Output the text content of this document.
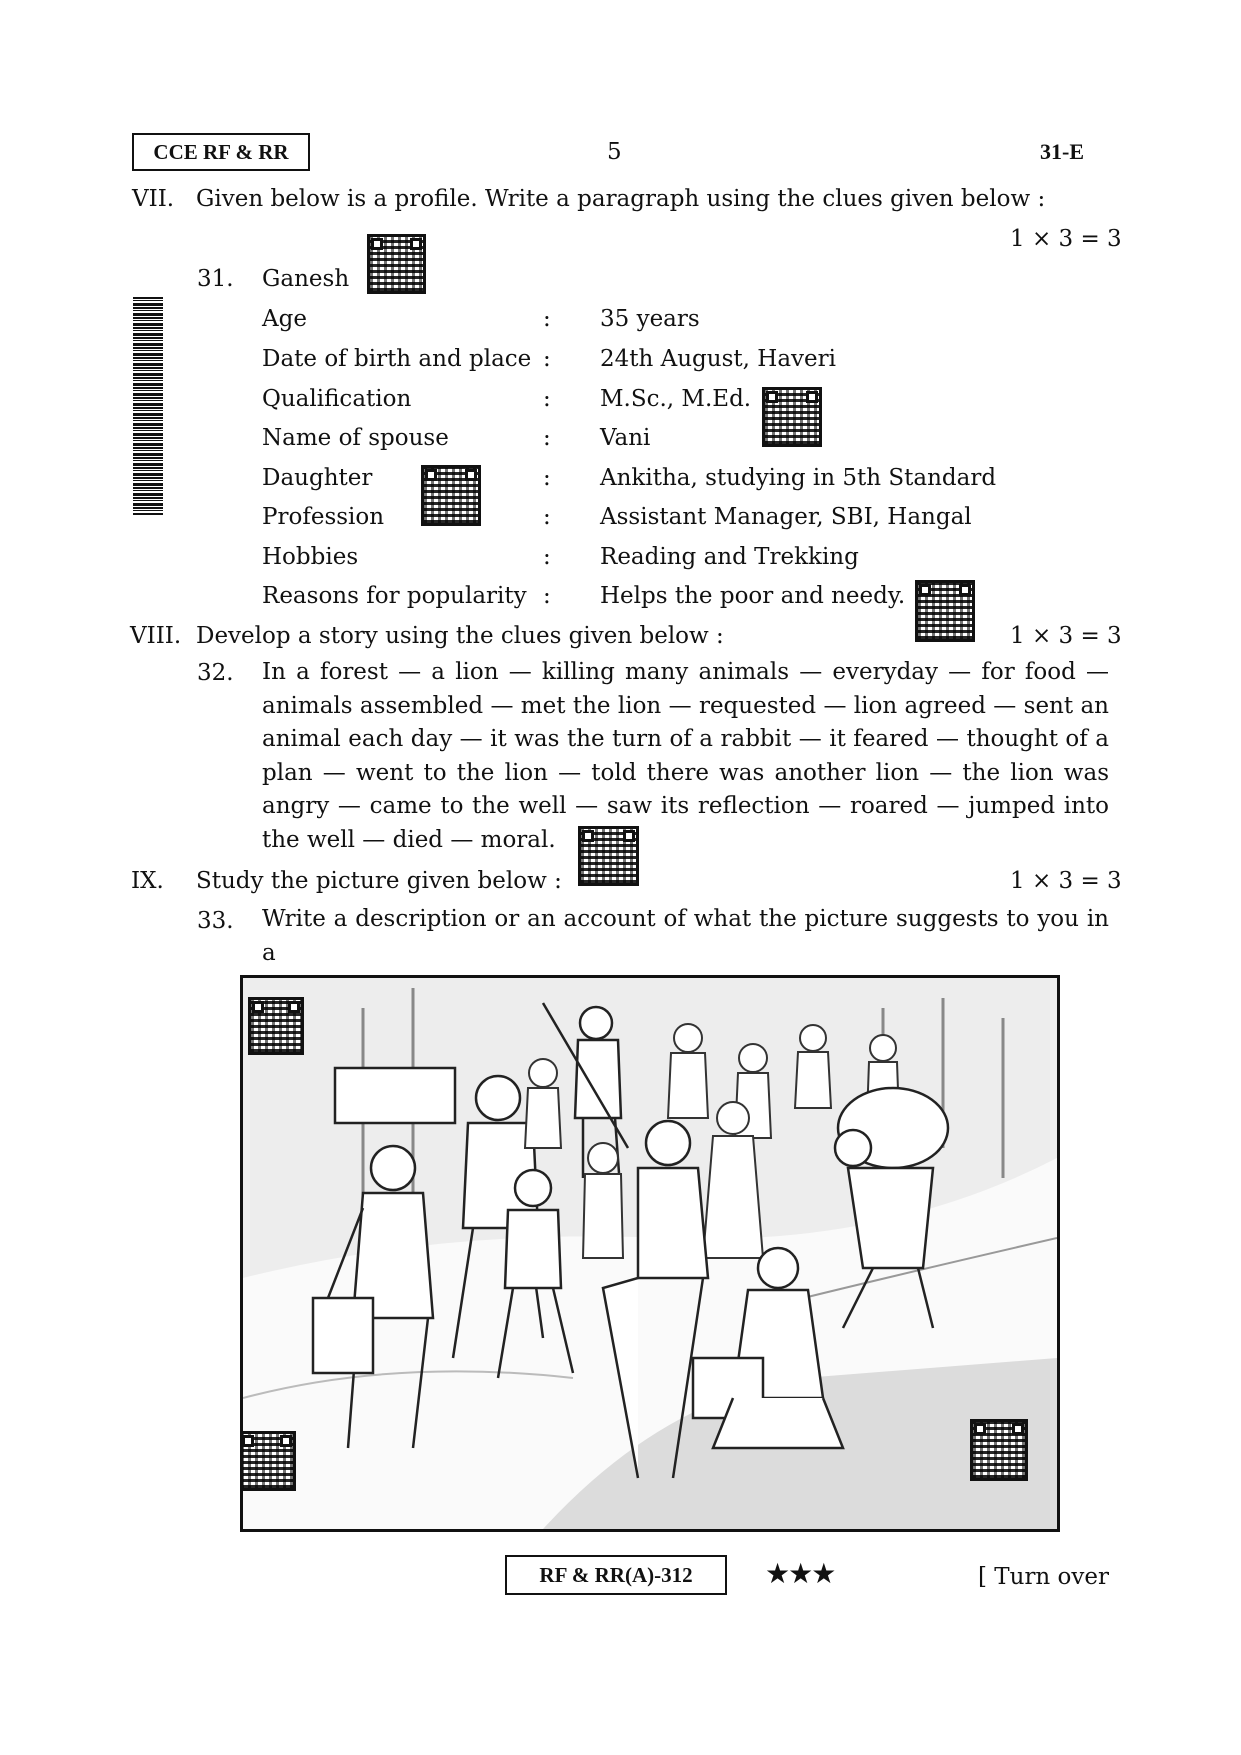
CCE RF & RR	5	31-E
VII. Given below is a profile. Write a paragraph using the clues given below :
1 × 3 = 3
31. Ganesh
Age	: 35 years
Date of birth and place : 24th August, Haveri
Qualification	: M.Sc., M.Ed.
Name of spouse	: Vani
Daughter	: Ankitha, studying in 5th Standard
Profession	: Assistant Manager, SBI, Hangal
Hobbies	: Reading and Trekking
Reasons for popularity : Helps the poor and needy.
VIII. Develop a story using the clues given below :	1 × 3 = 3
32. In a forest — a lion — killing many animals — everyday — for food —
animals assembled — met the lion — requested — lion agreed — sent an
animal each day — it was the turn of a rabbit — it feared — thought of a
plan — went to the lion — told there was another lion — the lion was
angry — came to the well — saw its reflection — roared — jumped into
the well — died — moral.
IX. Study the picture given below :	1 × 3 = 3
33. Write a description or an account of what the picture suggests to you in a
RF & RR(A)-312	★★★	[ Turn over
